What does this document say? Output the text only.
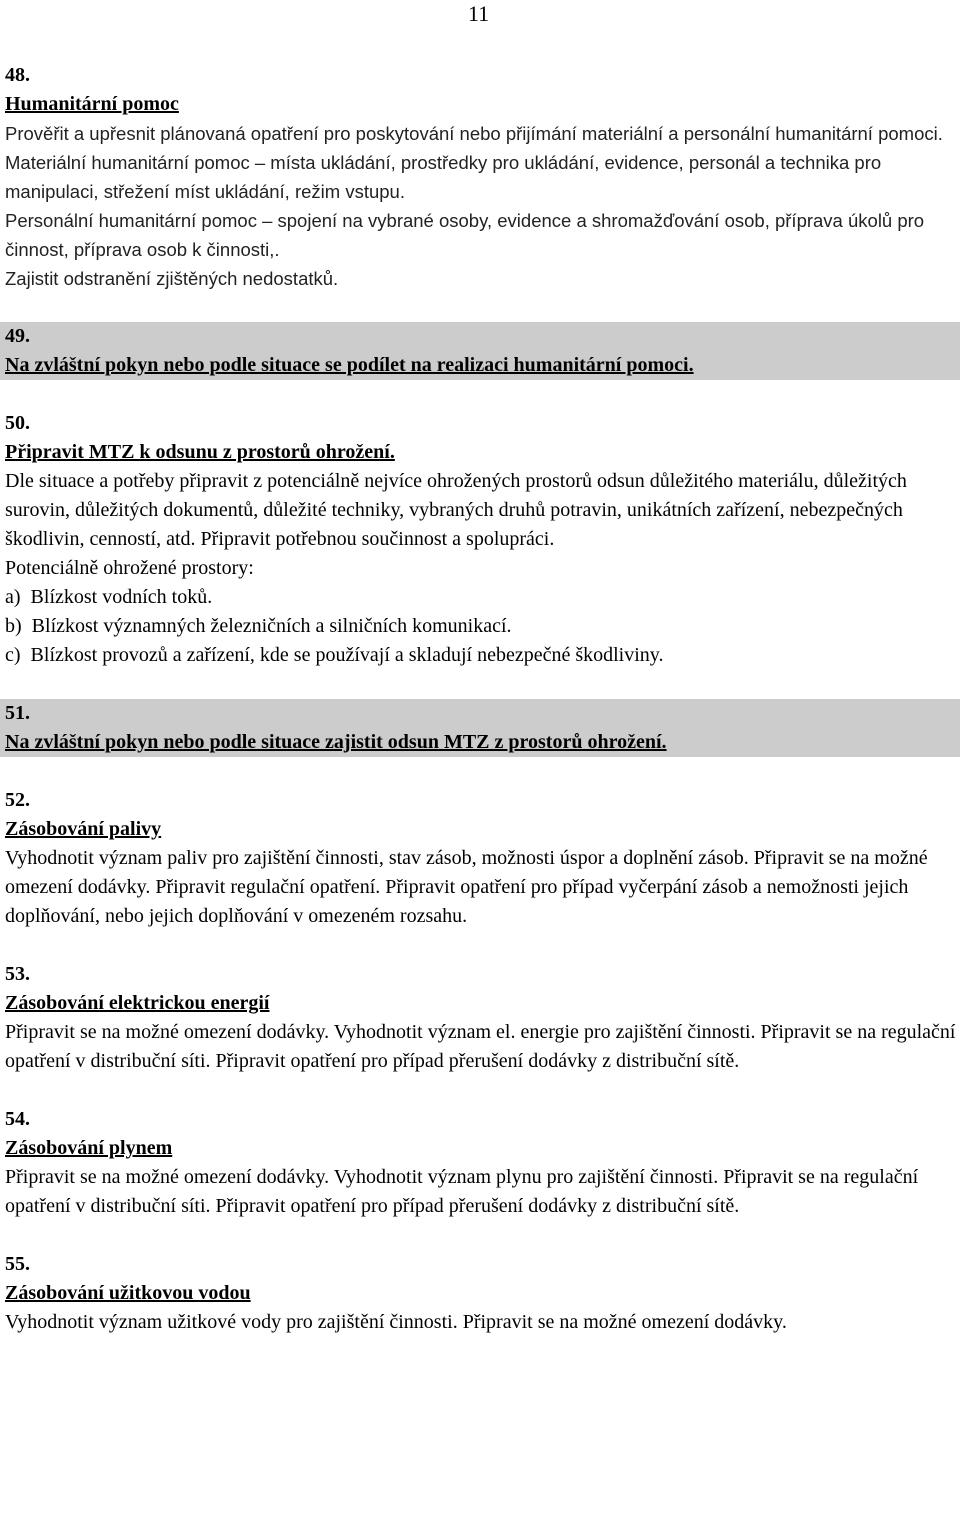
11

48.

Humanitární pomoc

Prověřit a upřesnit plánovaná opatření pro poskytování nebo přijímání materiální a personální humanitární pomoci.

Materiální humanitární pomoc – místa ukládání, prostředky pro ukládání, evidence, personál a technika pro manipulaci, střežení míst ukládání, režim vstupu.

Personální humanitární pomoc – spojení na vybrané osoby, evidence a shromažďování osob, příprava úkolů pro činnost, příprava osob k činnosti,.

Zajistit odstranění zjištěných nedostatků.

49.

Na zvláštní pokyn nebo podle situace se podílet na realizaci humanitární pomoci.

50.

Připravit MTZ k odsunu z prostorů ohrožení.

Dle situace a potřeby připravit z potenciálně nejvíce ohrožených prostorů odsun důležitého materiálu, důležitých surovin, důležitých dokumentů, důležité techniky, vybraných druhů potravin, unikátních zařízení, nebezpečných škodlivin, cenností, atd. Připravit potřebnou součinnost a spolupráci.

Potenciálně ohrožené prostory:

a) Blízkost vodních toků.

b) Blízkost významných železničních a silničních komunikací.

c) Blízkost provozů a zařízení, kde se používají a skladují nebezpečné škodliviny.

51.

Na zvláštní pokyn nebo podle situace zajistit odsun MTZ z prostorů ohrožení.

52.

Zásobování palivy

Vyhodnotit význam paliv pro zajištění činnosti, stav zásob, možnosti úspor a doplnění zásob. Připravit se na možné omezení dodávky. Připravit regulační opatření. Připravit opatření pro případ vyčerpání zásob a nemožnosti jejich doplňování, nebo jejich doplňování v omezeném rozsahu.

53.

Zásobování elektrickou energií

Připravit se na možné omezení dodávky. Vyhodnotit význam el. energie pro zajištění činnosti. Připravit se na regulační opatření v distribuční síti. Připravit opatření pro případ přerušení dodávky z distribuční sítě.

54.

Zásobování plynem

Připravit se na možné omezení dodávky. Vyhodnotit význam plynu pro zajištění činnosti. Připravit se na regulační opatření v distribuční síti. Připravit opatření pro případ přerušení dodávky z distribuční sítě.

55.

Zásobování užitkovou vodou

Vyhodnotit význam užitkové vody pro zajištění činnosti. Připravit se na možné omezení dodávky.
